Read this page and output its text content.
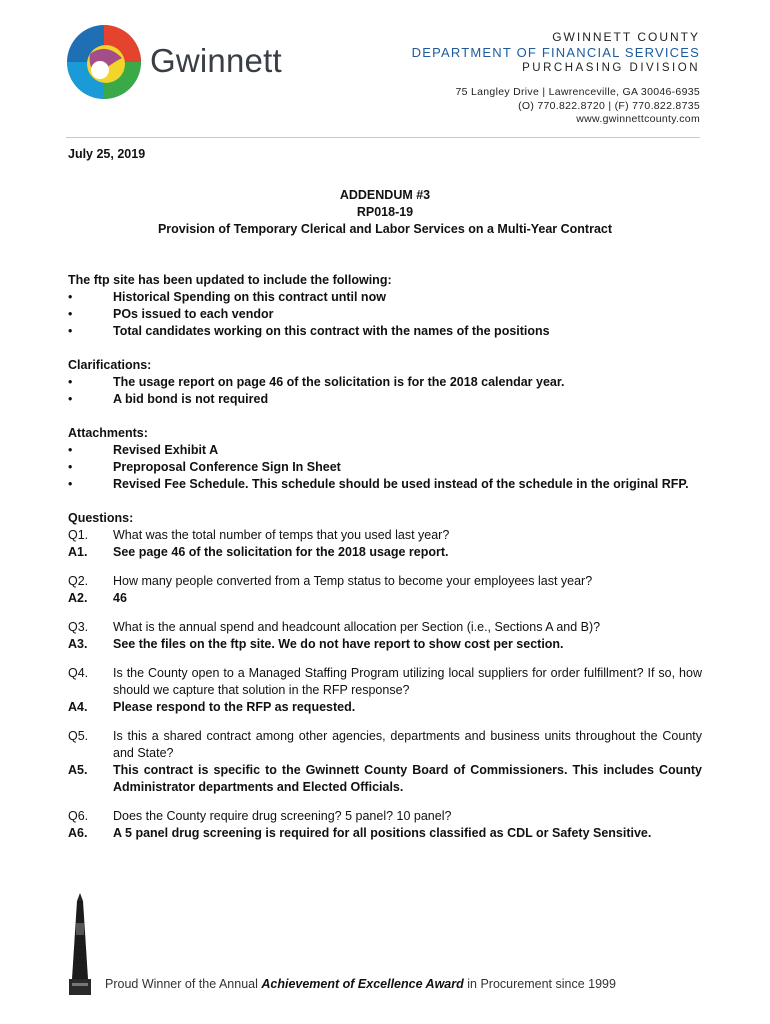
Gwinnett
GWINNETT COUNTY
DEPARTMENT OF FINANCIAL SERVICES
PURCHASING DIVISION
75 Langley Drive | Lawrenceville, GA 30046-6935
(O) 770.822.8720 | (F) 770.822.8735
www.gwinnettcounty.com
July 25, 2019
ADDENDUM #3
RP018-19
Provision of Temporary Clerical and Labor Services on a Multi-Year Contract
The ftp site has been updated to include the following:
•	Historical Spending on this contract until now
•	POs issued to each vendor
•	Total candidates working on this contract with the names of the positions
Clarifications:
•	The usage report on page 46 of the solicitation is for the 2018 calendar year.
•	A bid bond is not required
Attachments:
•	Revised Exhibit A
•	Preproposal Conference Sign In Sheet
•	Revised Fee Schedule. This schedule should be used instead of the schedule in the original RFP.
Questions:
Q1.	What was the total number of temps that you used last year?
A1.	See page 46 of the solicitation for the 2018 usage report.
Q2.	How many people converted from a Temp status to become your employees last year?
A2.	46
Q3.	What is the annual spend and headcount allocation per Section (i.e., Sections A and B)?
A3.	See the files on the ftp site. We do not have report to show cost per section.
Q4.	Is the County open to a Managed Staffing Program utilizing local suppliers for order fulfillment? If so, how should we capture that solution in the RFP response?
A4.	Please respond to the RFP as requested.
Q5.	Is this a shared contract among other agencies, departments and business units throughout the County and State?
A5.	This contract is specific to the Gwinnett County Board of Commissioners. This includes County Administrator departments and Elected Officials.
Q6.	Does the County require drug screening? 5 panel? 10 panel?
A6.	A 5 panel drug screening is required for all positions classified as CDL or Safety Sensitive.
Proud Winner of the Annual Achievement of Excellence Award in Procurement since 1999
